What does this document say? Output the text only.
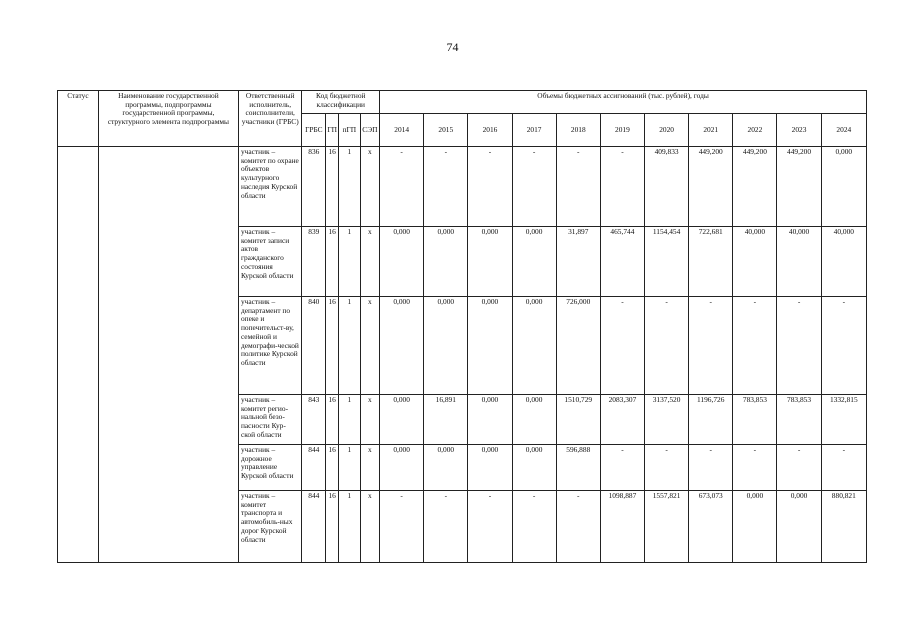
74
Статус	Наименование государственной программы, подпрограммы государственной программы, структурного элемента подпрограммы	Ответственный исполнитель, соисполнители, участники (ГРБС)	Код бюджетной классификации				Объемы бюджетных ассигнований (тыс. рублей), годы										
			ГРБС	ГП	пГП	СЭП	2014	2015	2016	2017	2018	2019	2020	2021	2022	2023	2024
		участник – комитет по охране объектов культурного наследия Курской области	836	16	1	х	-	-	-	-	-	-	409,833	449,200	449,200	449,200	0,000
		участник – комитет записи актов гражданского состояния Курской области	839	16	1	х	0,000	0,000	0,000	0,000	31,897	465,744	1154,454	722,681	40,000	40,000	40,000
		участник – департамент по опеке и попечительст-ву, семейной и демографи-ческой политике Курской области	840	16	1	х	0,000	0,000	0,000	0,000	726,000	-	-	-	-	-	-
		участник – комитет регио-нальной безо-пасности Кур-ской области	843	16	1	х	0,000	16,891	0,000	0,000	1510,729	2083,307	3137,520	1196,726	783,853	783,853	1332,815
		участник – дорожное управление Курской области	844	16	1	х	0,000	0,000	0,000	0,000	596,888	-	-	-	-	-	-
		участник – комитет транспорта и автомобиль-ных дорог Курской области	844	16	1	х	-	-	-	-	-	1098,887	1557,821	673,073	0,000	0,000	880,821
